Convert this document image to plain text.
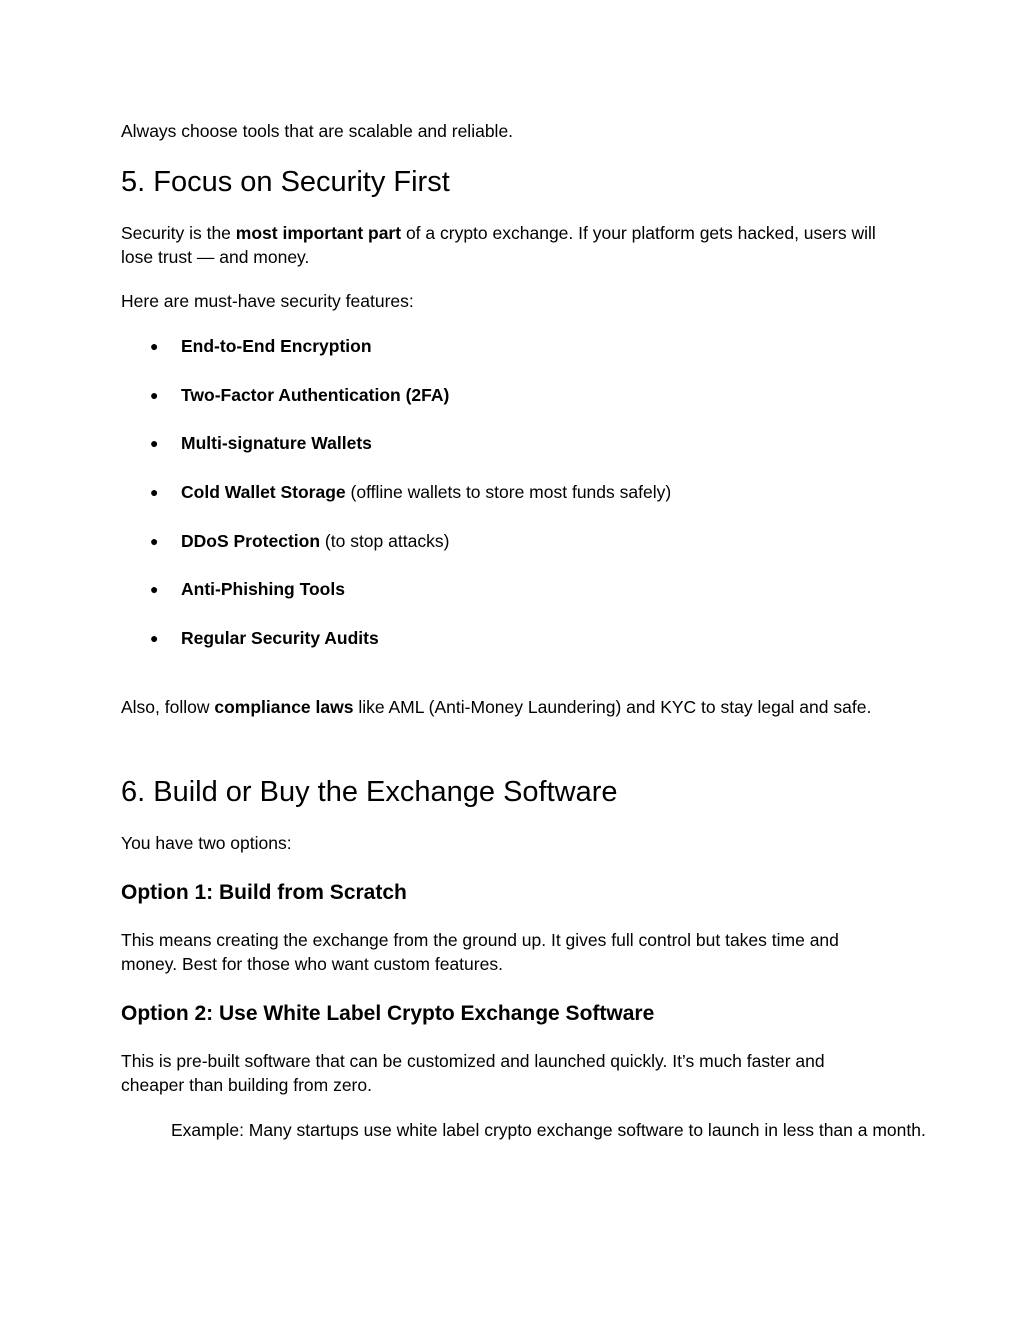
Always choose tools that are scalable and reliable.

5. Focus on Security First

Security is the most important part of a crypto exchange. If your platform gets hacked, users will lose trust — and money.

Here are must-have security features:

● End-to-End Encryption
● Two-Factor Authentication (2FA)
● Multi-signature Wallets
● Cold Wallet Storage (offline wallets to store most funds safely)
● DDoS Protection (to stop attacks)
● Anti-Phishing Tools
● Regular Security Audits

Also, follow compliance laws like AML (Anti-Money Laundering) and KYC to stay legal and safe.

6. Build or Buy the Exchange Software

You have two options:

Option 1: Build from Scratch

This means creating the exchange from the ground up. It gives full control but takes time and money. Best for those who want custom features.

Option 2: Use White Label Crypto Exchange Software

This is pre-built software that can be customized and launched quickly. It’s much faster and cheaper than building from zero.

Example: Many startups use white label crypto exchange software to launch in less than a month.
